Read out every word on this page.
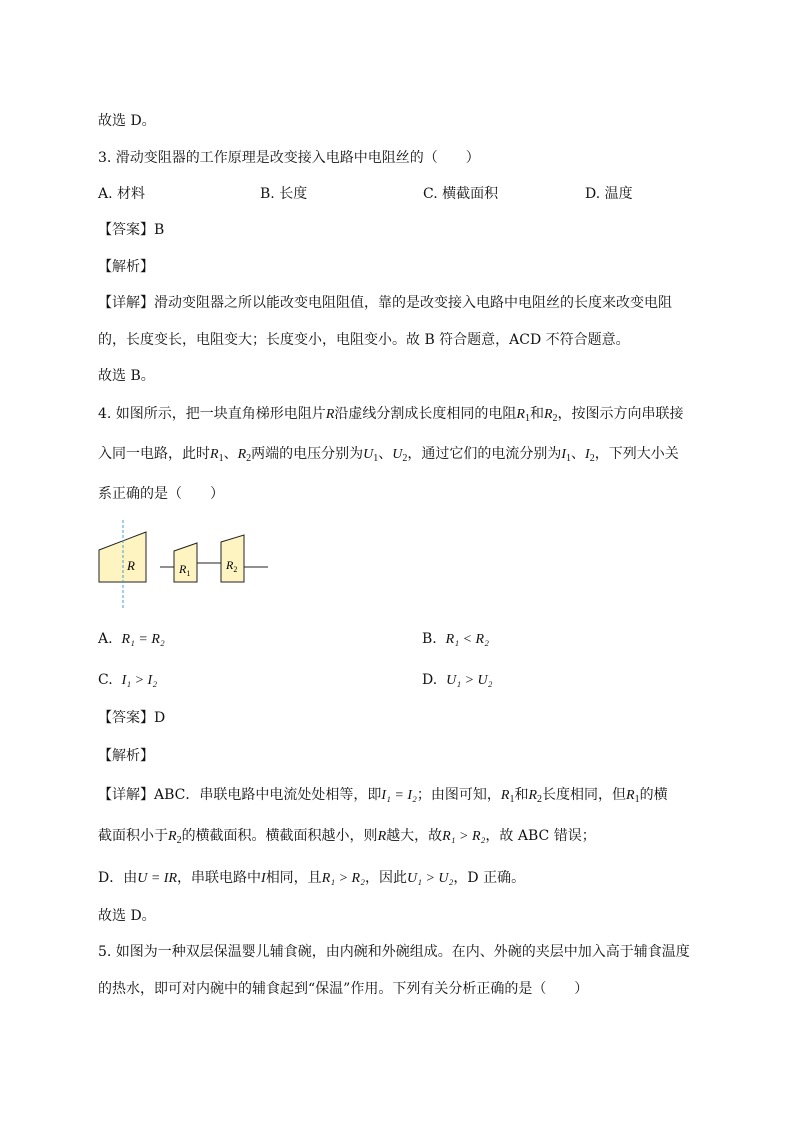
故选 D。
3. 滑动变阻器的工作原理是改变接入电路中电阻丝的（　　）
A. 材料	B. 长度	C. 横截面积	D. 温度
【答案】B
【解析】
【详解】滑动变阻器之所以能改变电阻阻值，靠的是改变接入电路中电阻丝的长度来改变电阻
的，长度变长，电阻变大；长度变小，电阻变小。故 B 符合题意，ACD 不符合题意。
故选 B。
4. 如图所示，把一块直角梯形电阻片R沿虚线分割成长度相同的电阻$R_1$和$R_2$，按图示方向串联接
入同一电路，此时$R_1$、$R_2$两端的电压分别为$U_1$、$U_2$，通过它们的电流分别为$I_1$、$I_2$，下列大小关
系正确的是（　　）
R	$R_1$
$R_2$
A. R₁ = R₂	B. R₁ < R₂
C. I₁ > I₂	D. U₁ > U₂
【答案】D
【解析】
【详解】ABC．串联电路中电流处处相等，即I₁ = I₂；由图可知，$R_1$和$R_2$长度相同，但$R_1$的横
截面积小于$R_2$的横截面积。横截面积越小，则R越大，故R₁ > R₂，故 ABC 错误；
D．由U = IR，串联电路中I相同，且R₁ > R₂，因此U₁ > U₂，D 正确。
故选 D。
5. 如图为一种双层保温婴儿辅食碗，由内碗和外碗组成。在内、外碗的夹层中加入高于辅食温度
的热水，即可对内碗中的辅食起到“保温”作用。下列有关分析正确的是（　　）
